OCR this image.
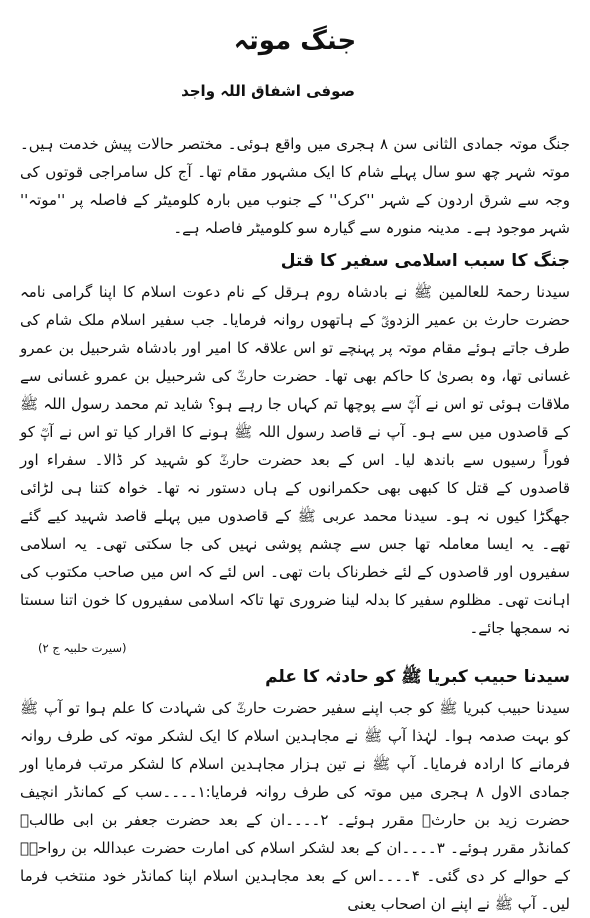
جنگ موتہ
صوفی اشفاق اللہ واجد

جنگ موتہ جمادی الثانی سن ۸ ہجری میں واقع ہوئی۔ مختصر حالات پیش خدمت ہیں۔ موتہ شہر چھ سو سال پہلے شام کا ایک مشہور مقام تھا۔ آج کل سامراجی قوتوں کی وجہ سے شرق اردون کے شہر ''کرک'' کے جنوب میں بارہ کلومیٹر کے فاصلہ پر ''موتہ'' شہر موجود ہے۔ مدینہ منورہ سے گیارہ سو کلومیٹر فاصلہ ہے۔

جنگ کا سبب اسلامی سفیر کا قتل

سیدنا رحمۃ للعالمین ﷺ نے بادشاہ روم ہرقل کے نام دعوت اسلام کا اپنا گرامی نامہ حضرت حارث بن عمیر الزدویؓ کے ہاتھوں روانہ فرمایا۔ جب سفیر اسلام ملک شام کی طرف جاتے ہوئے مقام موتہ پر پہنچے تو اس علاقہ کا امیر اور بادشاہ شرحبیل بن عمرو غسانی تھا، وہ بصریٰ کا حاکم بھی تھا۔ حضرت حارثؓ کی شرحبیل بن عمرو غسانی سے ملاقات ہوئی تو اس نے آپؓ سے پوچھا تم کہاں جا رہے ہو؟ شاید تم محمد رسول اللہ ﷺ کے قاصدوں میں سے ہو۔ آپ نے قاصد رسول اللہ ﷺ ہونے کا اقرار کیا تو اس نے آپؓ کو فوراً رسیوں سے باندھ لیا۔ اس کے بعد حضرت حارثؓ کو شہید کر ڈالا۔ سفراء اور قاصدوں کے قتل کا کبھی بھی حکمرانوں کے ہاں دستور نہ تھا۔ خواہ کتنا ہی لڑائی جھگڑا کیوں نہ ہو۔ سیدنا محمد عربی ﷺ کے قاصدوں میں پہلے قاصد شہید کیے گئے تھے۔ یہ ایسا معاملہ تھا جس سے چشم پوشی نہیں کی جا سکتی تھی۔ یہ اسلامی سفیروں اور قاصدوں کے لئے خطرناک بات تھی۔ اس لئے کہ اس میں صاحب مکتوب کی اہانت تھی۔ مظلوم سفیر کا بدلہ لینا ضروری تھا تاکہ اسلامی سفیروں کا خون اتنا سستا نہ سمجھا جائے۔

(سیرت حلبیہ ج ۲)
سیدنا حبیب کبریا ﷺ کو حادثہ کا علم

سیدنا حبیب کبریا ﷺ کو جب اپنے سفیر حضرت حارثؓ کی شہادت کا علم ہوا تو آپ ﷺ کو بہت صدمہ ہوا۔ لہٰذا آپ ﷺ نے مجاہدین اسلام کا ایک لشکر موتہ کی طرف روانہ فرمانے کا ارادہ فرمایا۔ آپ ﷺ نے تین ہزار مجاہدین اسلام کا لشکر مرتب فرمایا اور جمادی الاول ۸ ہجری میں موتہ کی طرف روانہ فرمایا:۱۔۔۔۔سب کے کمانڈر انچیف حضرت زید بن حارثؓ مقرر ہوئے۔ ۲۔۔۔۔ان کے بعد حضرت جعفر بن ابی طالبؓ کمانڈر مقرر ہوئے۔ ۳۔۔۔۔ان کے بعد لشکر اسلام کی امارت حضرت عبداللہ بن رواحہؓ کے حوالے کر دی گئی۔ ۴۔۔۔۔اس کے بعد مجاہدین اسلام اپنا کمانڈر خود منتخب فرما لیں۔ آپ ﷺ نے اپنے ان اصحاب یعنی
